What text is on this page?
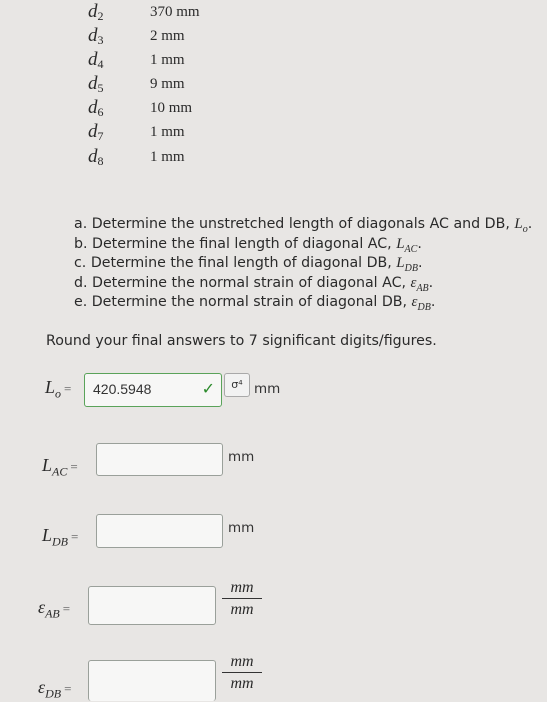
$d_2$	370 mm
$d_3$	2 mm
$d_4$	1 mm
$d_5$	9 mm
$d_6$	10 mm
$d_7$	1 mm
$d_8$	1 mm
a. Determine the unstretched length of diagonals AC and DB, $L_o$.
b. Determine the final length of diagonal AC, $L_{AC}$.
c. Determine the final length of diagonal DB, $L_{DB}$.
d. Determine the normal strain of diagonal AC, $\varepsilon_{AB}$.
e. Determine the normal strain of diagonal DB, $\varepsilon_{DB}$.
Round your final answers to 7 significant digits/figures.
$L_o = 420.5948$	✓	σ⁴ mm
$L_{AC}$ =
mm
$L_{DB}$ =
mm
$\varepsilon_{AB}$ =	$\frac{mm}{mm}$
$\varepsilon_{DB}$ =	$\frac{mm}{mm}$
